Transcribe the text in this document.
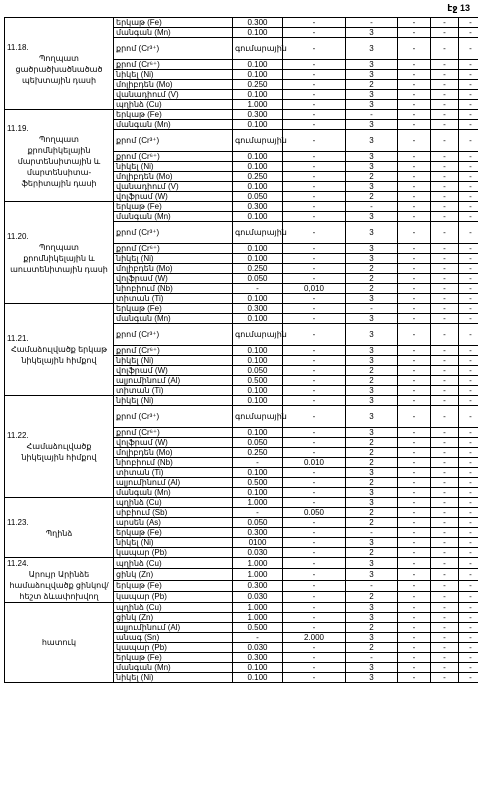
էջ 13
11.18.
Պողպատ ցածրածխածնածած պեխտային դասի	երկաթ (Fe)	0.300	-	-	-	-	-
	մանգան (Mn)	0.100	-	3	-	-	-
	քրոմ (Cr³⁺)	գումարային	-	3	-	-	-
	քրոմ (Cr⁶⁺)	0.100	-	3	-	-	-
	նիկել (Ni)	0.100	-	3	-	-	-
	մոլիբդեն (Mo)	0.250	-	2	-	-	-
	վանադիում (V)	0.100	-	3	-	-	-
	պղինձ (Cu)	1.000	-	3	-	-	-

11.19.
Պողպատ քրոմնիկելային մարտենսիտային և մարտենսիտա-ֆերիտային դասի	երկաթ (Fe)	0.300	-	-	-	-	-
	մանգան (Mn)	0.100	-	3	-	-	-
	քրոմ (Cr³⁺)	գումարային	-	3	-	-	-
	քրոմ (Cr⁶⁺)	0.100	-	3	-	-	-
	նիկել (Ni)	0.100	-	3	-	-	-
	մոլիբդեն (Mo)	0.250	-	2	-	-	-
	վանադիում (V)	0.100	-	3	-	-	-
	վոլֆրամ (W)	0.050	-	2	-	-	-

11.20.
Պողպատ քրոմնիկելային և աուստենիտային դասի	երկաթ (Fe)	0.300	-	-	-	-	-
	մանգան (Mn)	0.100	-	3	-	-	-
	քրոմ (Cr³⁺)	գումարային	-	3	-	-	-
	քրոմ (Cr⁶⁺)	0.100	-	3	-	-	-
	նիկել (Ni)	0.100	-	3	-	-	-
	մոլիբդեն (Mo)	0.250	-	2	-	-	-
	վոլֆրամ (W)	0.050	-	2	-	-	-
	նիոբիում (Nb)	-	0,010	2	-	-	-
	տիտան (Ti)	0.100	-	3	-	-	-

11.21.
Համաձուլվածք երկաթ նիկելային հիմքով	երկաթ (Fe)	0.300	-	-	-	-	-
	մանգան (Mn)	0.100	-	3	-	-	-
	քրոմ (Cr³⁺)	գումարային	-	3	-	-	-
	քրոմ (Cr⁶⁺)	0.100	-	3	-	-	-
	նիկել (Ni)	0.100	-	3	-	-	-
	վոլֆրամ (W)	0.050	-	2	-	-	-
	ալյումինում (Al)	0.500	-	2	-	-	-
	տիտան (Ti)	0.100	-	3	-	-	-

11.22.
Համաձուլվածք նիկելային հիմքով	նիկել (Ni)	0.100	-	3	-	-	-
	քրոմ (Cr³⁺)	գումարային	-	3	-	-	-
	քրոմ (Cr⁶⁺)	0.100	-	3	-	-	-
	վոլֆրամ (W)	0.050	-	2	-	-	-
	մոլիբդեն (Mo)	0.250	-	2	-	-	-
	նիոբիում (Nb)	-	0.010	2	-	-	-
	տիտան (Ti)	0.100	-	3	-	-	-
	ալյումինում (Al)	0.500	-	2	-	-	-
	մանգան (Mn)	0.100	-	3	-	-	-

11.23.
Պղինձ	պղինձ (Cu)	1.000	-	3	-	-	-
	սիբիում (Sb)	-	0.050	2	-	-	-
	արսեն (As)	0.050	-	2	-	-	-
	երկաթ (Fe)	0.300	-	-	-	-	-
	նիկել (Ni)	0100	-	3	-	-	-
	կապար (Pb)	0.030	-	2	-	-	-

11.24.
Արույր Արինձե համաձուլվածք ցինկով/ հեշտ ձևափոխվող	պղինձ (Cu)	1.000	-	3	-	-	-
	ցինկ (Zn)	1.000	-	3	-	-	-
	երկաթ (Fe)	0.300	-	-	-	-	-
	կապար (Pb)	0.030	-	2	-	-	-

հատուկ	պղինձ (Cu)	1.000	-	3	-	-	-
	ցինկ (Zn)	1.000	-	3	-	-	-
	ալյումինում (Al)	0.500	-	2	-	-	-
	անագ (Sn)	-	2.000	3	-	-	-
	կապար (Pb)	0.030	-	2	-	-	-
	երկաթ (Fe)	0.300	-	-	-	-	-
	մանգան (Mn)	0.100	-	3	-	-	-
	նիկել (Ni)	0.100	-	3	-	-	-
